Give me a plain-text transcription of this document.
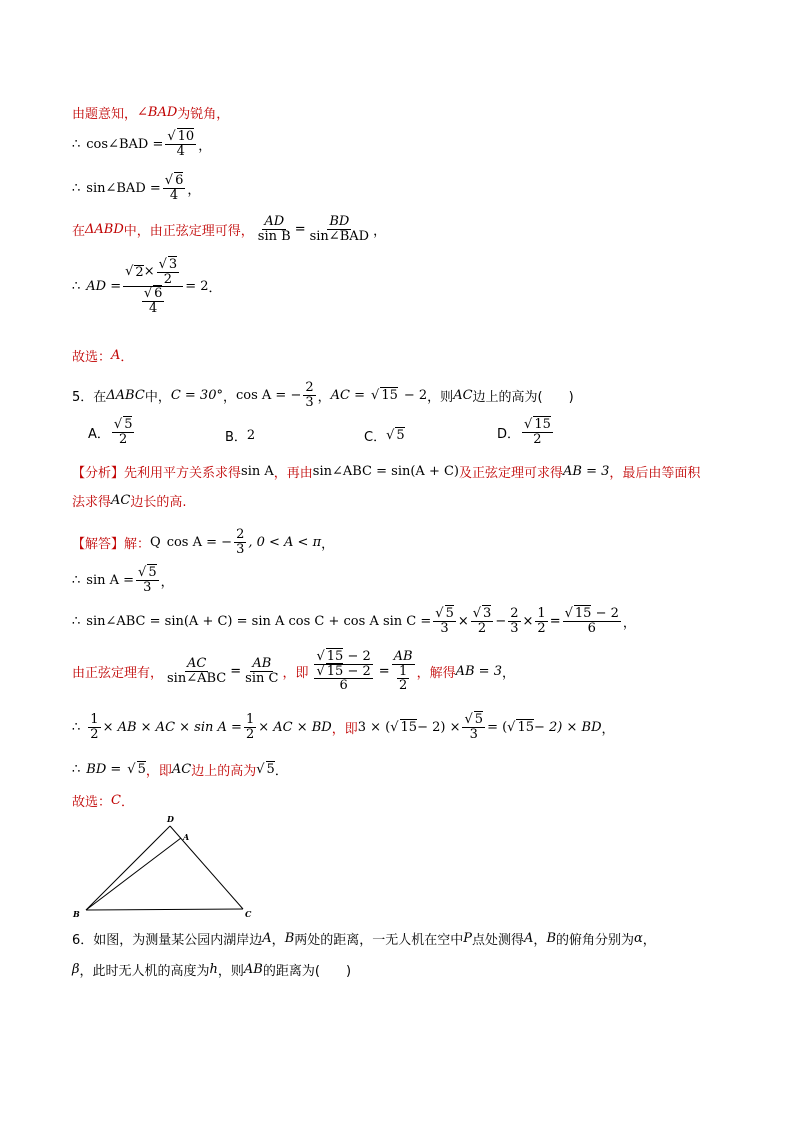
由题意知， ∠BAD 为锐角，
∴ cos∠BAD = $\frac{√ 10}{4}$ ，
∴ sin∠BAD = $\frac{√ 6}{4}$ ，
在 ΔABD 中，由正弦定理可得， $\frac{AD}{\text{sin B}} = \frac{BD}{\text{sin∠BAD}}$ ，
∴ AD = $\frac{√ 2 \times \frac{√ 3}{2}}{\frac{√ 6}{4}} = 2$ ．
故选： A ．
5．在 ΔABC 中， C = 30° ， cos A = − $\frac{2}{3}$ ， AC = √ 15 − 2 ，则 AC 边上的高为(　　)
A． $\frac{√ 5}{2}$	B． 2	C． √ 5	D． $\frac{√ 15}{2}$
【分析】 先利用平方关系求得 sin A ，再由 sin∠ABC = sin(A + C) 及正弦定理可求得 AB = 3 ，最后由等面积
法求得 AC 边长的高.
【解答】 解： Q cos A = − $\frac{2}{3}$ , 0 < A < π ，
∴ $\sin A = \frac{√ 5}{3}$ ，
∴ sin∠ABC = sin(A + C) = sin A cos C + cos A $\sin C = \frac{√ 5}{3} \times \frac{√ 3}{2} - \frac{2}{3} \times \frac{1}{2} = \frac{√ 15 - 2}{6}$ ，
由正弦定理有， $\frac{AC}{\text{sin∠ABC}} = \frac{AB}{\text{sin C}}$ ，即 $\frac{√ 15 - 2}{\frac{√ 15 - 2}{6}} = \frac{AB}{\frac{1}{2}}$ ，解得 AB = 3 ，
∴ $\frac{1}{2}$ × AB × AC × $\sin A = \frac{1}{2}$ × AC × BD ，即 3 × ( √ $15 - 2) \times \frac{√ 5}{3}$ = ( √ 15 − 2) × BD ，
∴ BD = √ 5 ，即 AC 边上的高为 √ 5 ．
故选： C ．
D
A
B	C
6．如图，为测量某公园内湖岸边 A ， B 两处的距离，一无人机在空中 P 点处测得 A ， B 的俯角分别为 α ，
β ，此时无人机的高度为 h ，则 AB 的距离为(　　)
